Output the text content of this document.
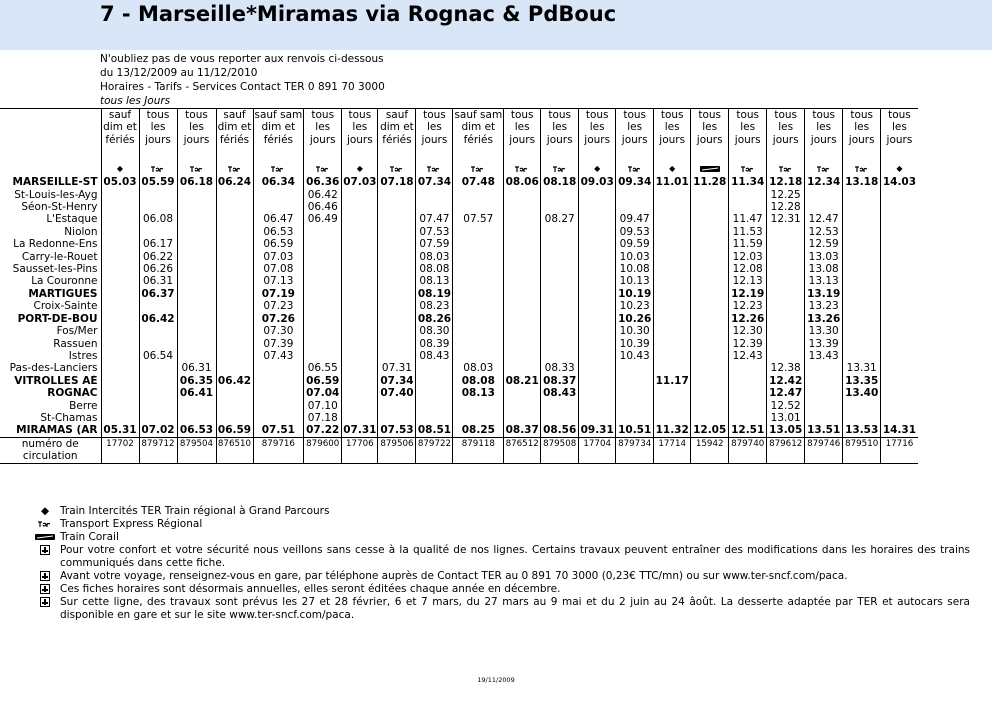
7 - Marseille*Miramas via Rognac & PdBouc
N'oubliez pas de vous reporter aux renvois ci-dessous
du 13/12/2009 au 11/12/2010
Horaires - Tarifs - Services Contact TER 0 891 70 3000
tous les Jours
	sauf	tous	tous	sauf	sauf sam	tous	tous	sauf	tous	sauf sam	tous	tous	tous	tous	tous	tous	tous	tous	tous	tous	tous
	dim et	les	les	dim et	dim et	les	les	dim et	les	dim et	les	les	les	les	les	les	les	les	les	les	les
	fériés	jours	jours	fériés	fériés	jours	jours	fériés	jours	fériés	jours	jours	jours	jours	jours	jours	jours	jours	jours	jours	jours

	◆						◆						◆		◆						◆
MARSEILLE-ST	05.03	05.59	06.18	06.24	06.34	06.36	07.03	07.18	07.34	07.48	08.06	08.18	09.03	09.34	11.01	11.28	11.34	12.18	12.34	13.18	14.03
St-Louis-les-Ayg						06.42												12.25			
Séon-St-Henry						06.46												12.28			
L'Estaque		06.08			06.47	06.49			07.47	07.57		08.27		09.47			11.47	12.31	12.47		
Niolon					06.53				07.53					09.53			11.53		12.53		
La Redonne-Ens		06.17			06.59				07.59					09.59			11.59		12.59		
Carry-le-Rouet		06.22			07.03				08.03					10.03			12.03		13.03		
Sausset-les-Pins		06.26			07.08				08.08					10.08			12.08		13.08		
La Couronne		06.31			07.13				08.13					10.13			12.13		13.13		
MARTIGUES		06.37			07.19				08.19					10.19			12.19		13.19		
Croix-Sainte					07.23				08.23					10.23			12.23		13.23		
PORT-DE-BOU		06.42			07.26				08.26					10.26			12.26		13.26		
Fos/Mer					07.30				08.30					10.30			12.30		13.30		
Rassuen					07.39				08.39					10.39			12.39		13.39		
Istres		06.54			07.43				08.43					10.43			12.43		13.43		
Pas-des-Lanciers			06.31			06.55		07.31		08.03		08.33						12.38		13.31	
VITROLLES AÉ			06.35	06.42		06.59		07.34		08.08	08.21	08.37			11.17			12.42		13.35	
ROGNAC			06.41			07.04		07.40		08.13		08.43						12.47		13.40	
Berre						07.10												12.52			
St-Chamas						07.18												13.01			
MIRAMAS (AR	05.31	07.02	06.53	06.59	07.51	07.22	07.31	07.53	08.51	08.25	08.37	08.56	09.31	10.51	11.32	12.05	12.51	13.05	13.51	13.53	14.31
numéro de	17702	879712	879504	876510	879716	879600	17706	879506	879722	879118	876512	879508	17704	879734	17714	15942	879740	879612	879746	879510	17716
circulation																					
◆	Train Intercités TER Train régional à Grand Parcours
Transport Express Régional
Train Corail
Pour votre confort et votre sécurité nous veillons sans cesse à la qualité de nos lignes. Certains travaux peuvent entraîner des modifications dans les horaires des trains communiqués dans cette fiche.
Avant votre voyage, renseignez-vous en gare, par téléphone auprès de Contact TER au 0 891 70 3000 (0,23€ TTC/mn) ou sur www.ter-sncf.com/paca.
Ces fiches horaires sont désormais annuelles, elles seront éditées chaque année en décembre.
Sur cette ligne, des travaux sont prévus les 27 et 28 février, 6 et 7 mars, du 27 mars au 9 mai et du 2 juin au 24 âoût. La desserte adaptée par TER et autocars sera disponible en gare et sur le site www.ter-sncf.com/paca.
19/11/2009
